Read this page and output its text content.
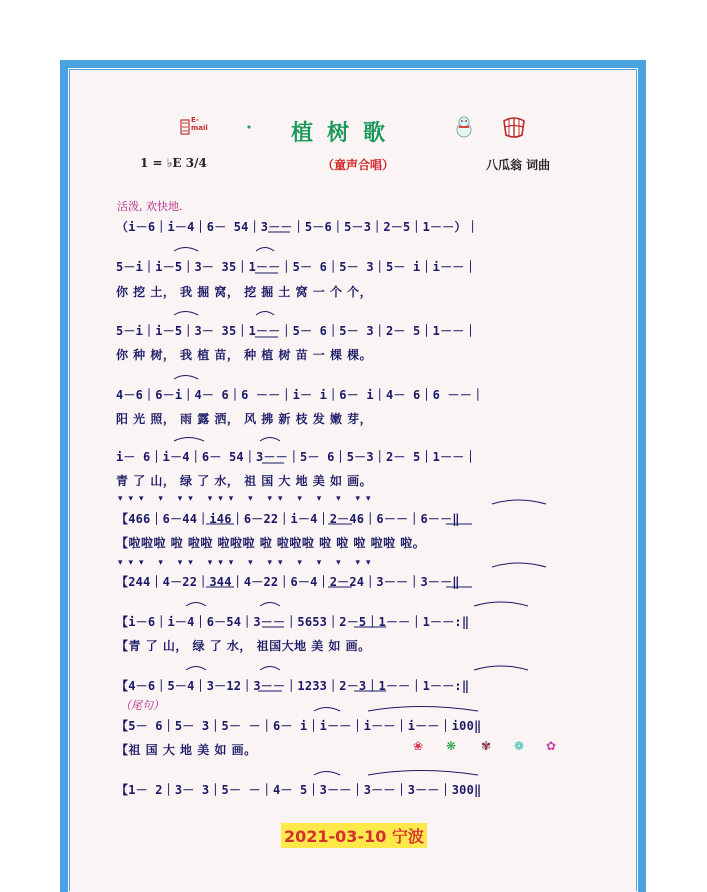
E-mail	植树歌
1 = ♭E 3/4	（童声合唱）	八瓜翁 词曲
活泼, 欢快地.
（i－6｜i－4｜6－ 54｜3－－｜5－6｜5－3｜2－5｜1－－）｜
5－i｜i－5｜3－ 35｜1－－｜5－ 6｜5－ 3｜5－ i｜i－－｜
你 挖 土， 我 掘 窝， 挖 掘 土 窝 一 个 个，
5－i｜i－5｜3－ 35｜1－－｜5－ 6｜5－ 3｜2－ 5｜1－－｜
你 种 树， 我 植 苗， 种 植 树 苗 一 棵 棵。
4－6｜6－i｜4－ 6｜6 －－｜i－ i｜6－ i｜4－ 6｜6 －－｜
阳 光 照， 雨 露 洒， 风 拂 新 枝 发 嫩 芽，
i－ 6｜i－4｜6－ 54｜3－－｜5－ 6｜5－3｜2－ 5｜1－－｜
青 了 山， 绿 了 水， 祖 国 大 地 美 如 画。
▾▾▾ ▾ ▾▾ ▾▾▾ ▾ ▾▾ ▾ ▾ ▾ ▾▾
【466｜6－44｜i46｜6－22｜i－4｜2－46｜6－－｜6－－‖
【啦啦啦 啦 啦啦 啦啦啦 啦 啦啦啦 啦 啦 啦 啦啦 啦。
▾▾▾ ▾ ▾▾ ▾▾▾ ▾ ▾▾ ▾ ▾ ▾ ▾▾
【244｜4－22｜344｜4－22｜6－4｜2－24｜3－－｜3－－‖
【i－6｜i－4｜6－54｜3－－｜5653｜2－5｜1－－｜1－－:‖
【青 了 山， 绿 了 水， 祖国大地 美 如 画。
【4－6｜5－4｜3－12｜3－－｜1233｜2－3｜1－－｜1－－:‖
（尾句）
【5－ 6｜5－ 3｜5－ －｜6－ i｜i－－｜i－－｜i－－｜i00‖
【祖 国 大 地 美 如 画。
【1－ 2｜3－ 3｜5－ －｜4－ 5｜3－－｜3－－｜3－－｜300‖
❀ ❋ ✾ ❁ ✿
2021-03-10 宁波
